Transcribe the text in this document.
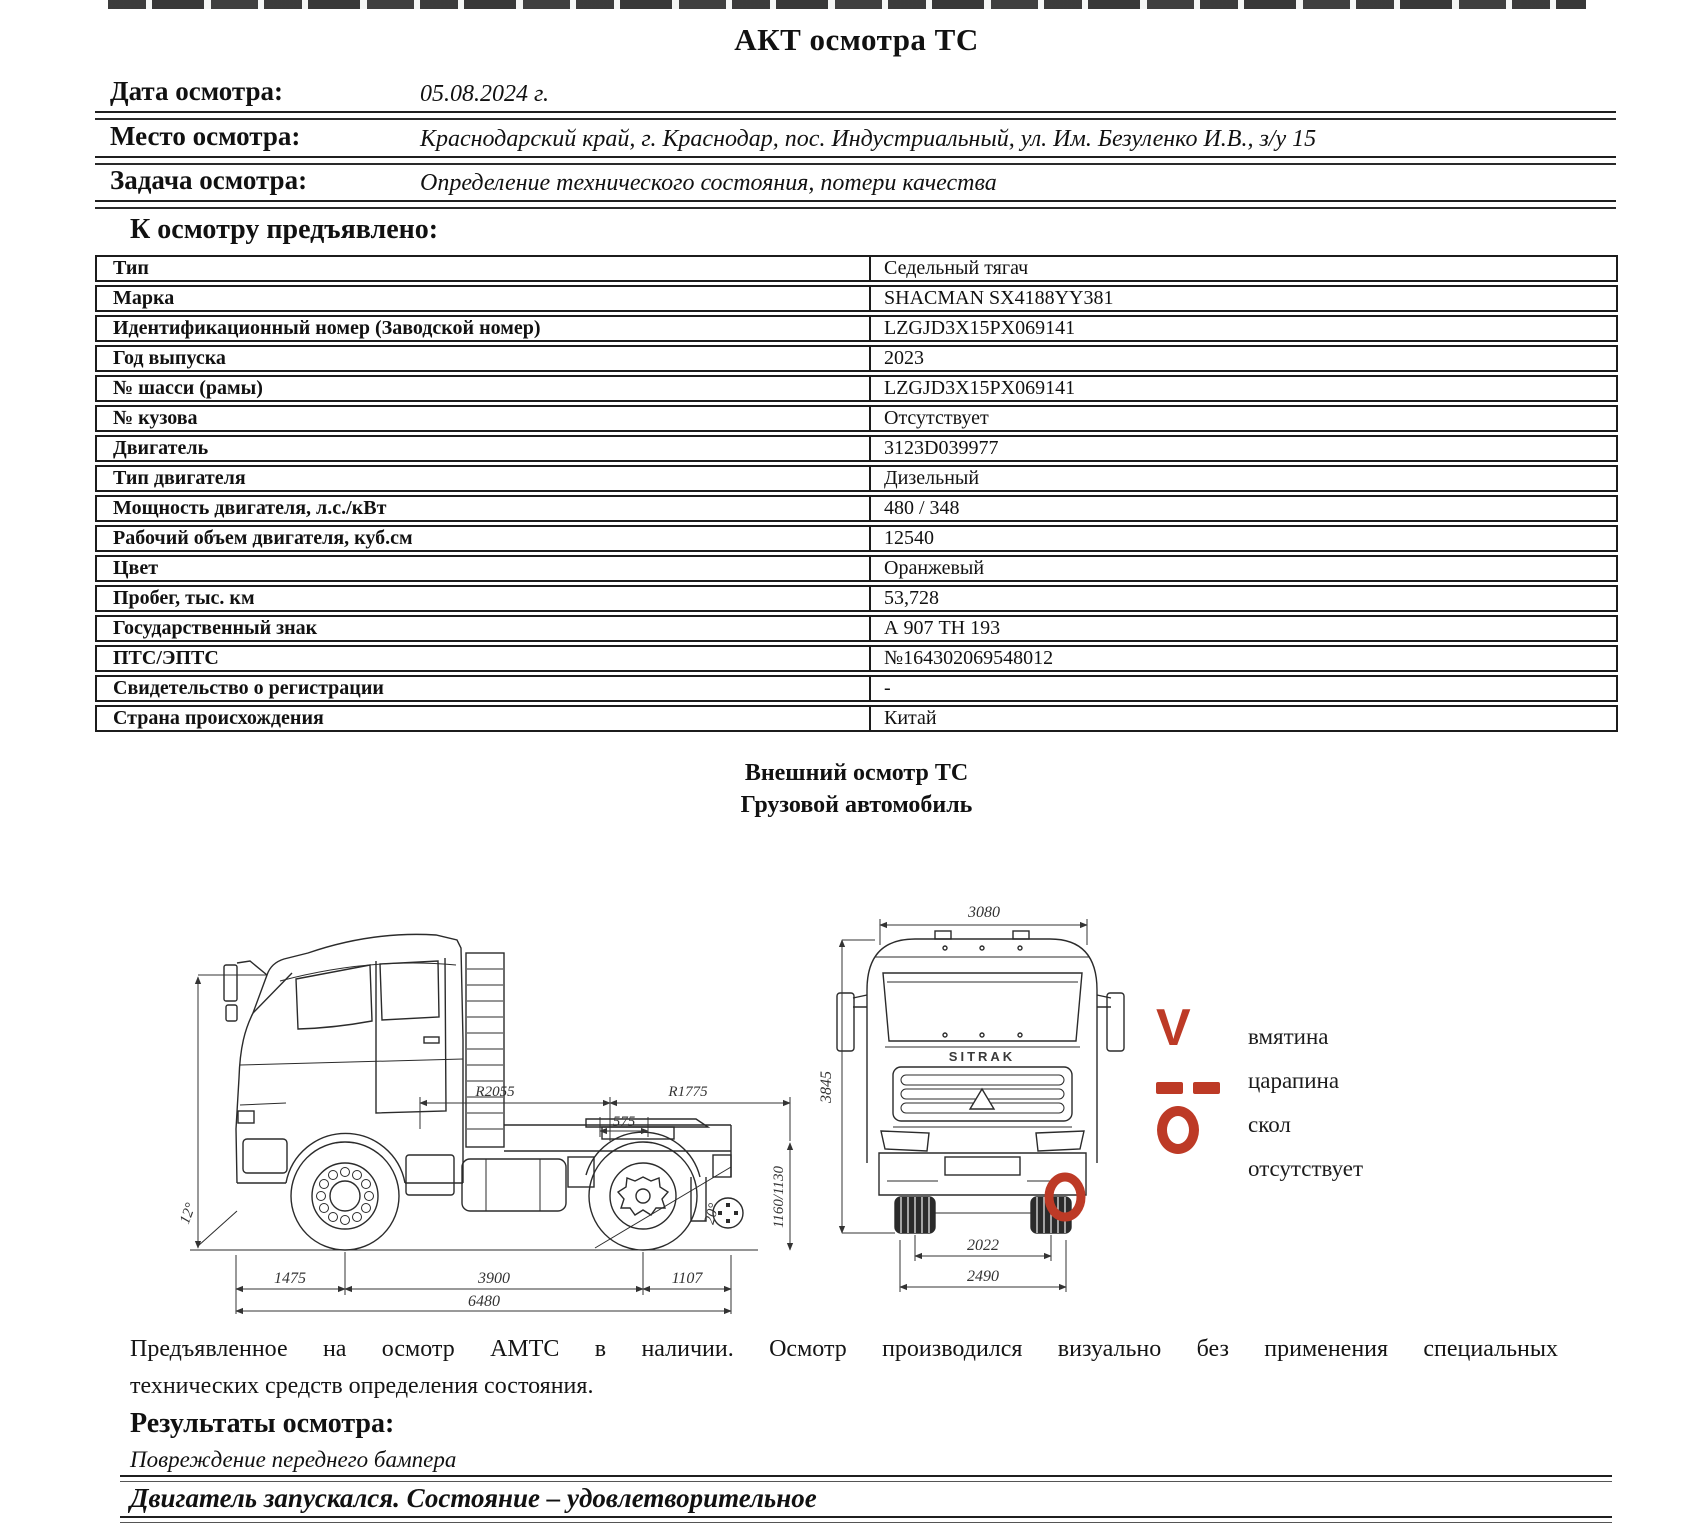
АКТ осмотра ТС
Дата осмотра:	05.08.2024 г.
Место осмотра:	Краснодарский край, г. Краснодар, пос. Индустриальный, ул. Им. Безуленко И.В., з/у 15
Задача осмотра:	Определение технического состояния, потери качества
К осмотру предъявлено:
Тип	Седельный тягач
Марка	SHACMAN SX4188YY381
Идентификационный номер (Заводской номер)	LZGJD3X15PX069141
Год выпуска	2023
№ шасси (рамы)	LZGJD3X15PX069141
№ кузова	Отсутствует
Двигатель	3123D039977
Тип двигателя	Дизельный
Мощность двигателя, л.с./кВт	480 / 348
Рабочий объем двигателя, куб.см	12540
Цвет	Оранжевый
Пробег, тыс. км	53,728
Государственный знак	А 907 ТН 193
ПТС/ЭПТС	№164302069548012
Свидетельство о регистрации	-
Страна происхождения	Китай
Внешний осмотр ТС
Грузовой автомобиль
R2055	R1775
575
1160/1130
12°	20°
1475	3900	1107
6480
SITRAK
3080
3845
2022
2490
V вмятина
царапина
скол
отсутствует
Предъявленное на осмотр АМТС в наличии. Осмотр производился визуально без применения специальных
технических средств определения состояния.
Результаты осмотра:
Повреждение переднего бампера
Двигатель запускался. Состояние – удовлетворительное
